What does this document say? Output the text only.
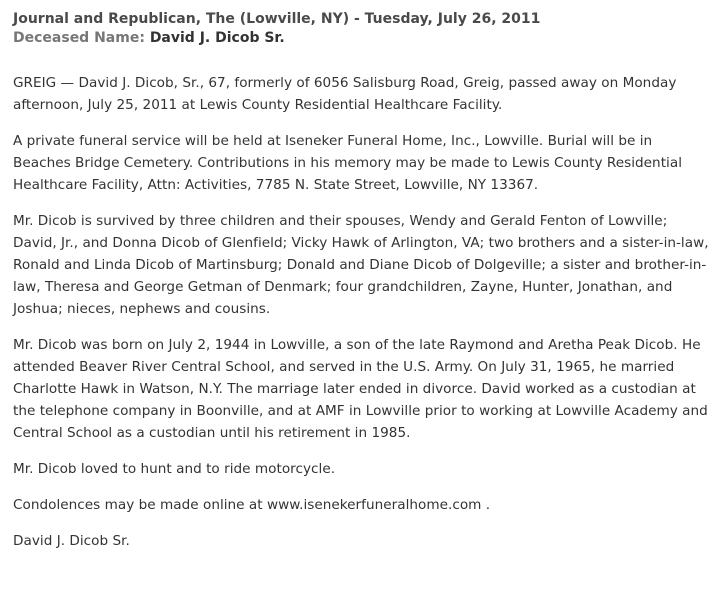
Journal and Republican, The (Lowville, NY) - Tuesday, July 26, 2011
Deceased Name: David J. Dicob Sr.

GREIG — David J. Dicob, Sr., 67, formerly of 6056 Salisburg Road, Greig, passed away on Monday afternoon, July 25, 2011 at Lewis County Residential Healthcare Facility.

A private funeral service will be held at Iseneker Funeral Home, Inc., Lowville. Burial will be in Beaches Bridge Cemetery. Contributions in his memory may be made to Lewis County Residential Healthcare Facility, Attn: Activities, 7785 N. State Street, Lowville, NY 13367.

Mr. Dicob is survived by three children and their spouses, Wendy and Gerald Fenton of Lowville; David, Jr., and Donna Dicob of Glenfield; Vicky Hawk of Arlington, VA; two brothers and a sister-in-law, Ronald and Linda Dicob of Martinsburg; Donald and Diane Dicob of Dolgeville; a sister and brother-in-law, Theresa and George Getman of Denmark; four grandchildren, Zayne, Hunter, Jonathan, and Joshua; nieces, nephews and cousins.

Mr. Dicob was born on July 2, 1944 in Lowville, a son of the late Raymond and Aretha Peak Dicob. He attended Beaver River Central School, and served in the U.S. Army. On July 31, 1965, he married Charlotte Hawk in Watson, N.Y. The marriage later ended in divorce. David worked as a custodian at the telephone company in Boonville, and at AMF in Lowville prior to working at Lowville Academy and Central School as a custodian until his retirement in 1985.

Mr. Dicob loved to hunt and to ride motorcycle.

Condolences may be made online at www.isenekerfuneralhome.com .

David J. Dicob Sr.
